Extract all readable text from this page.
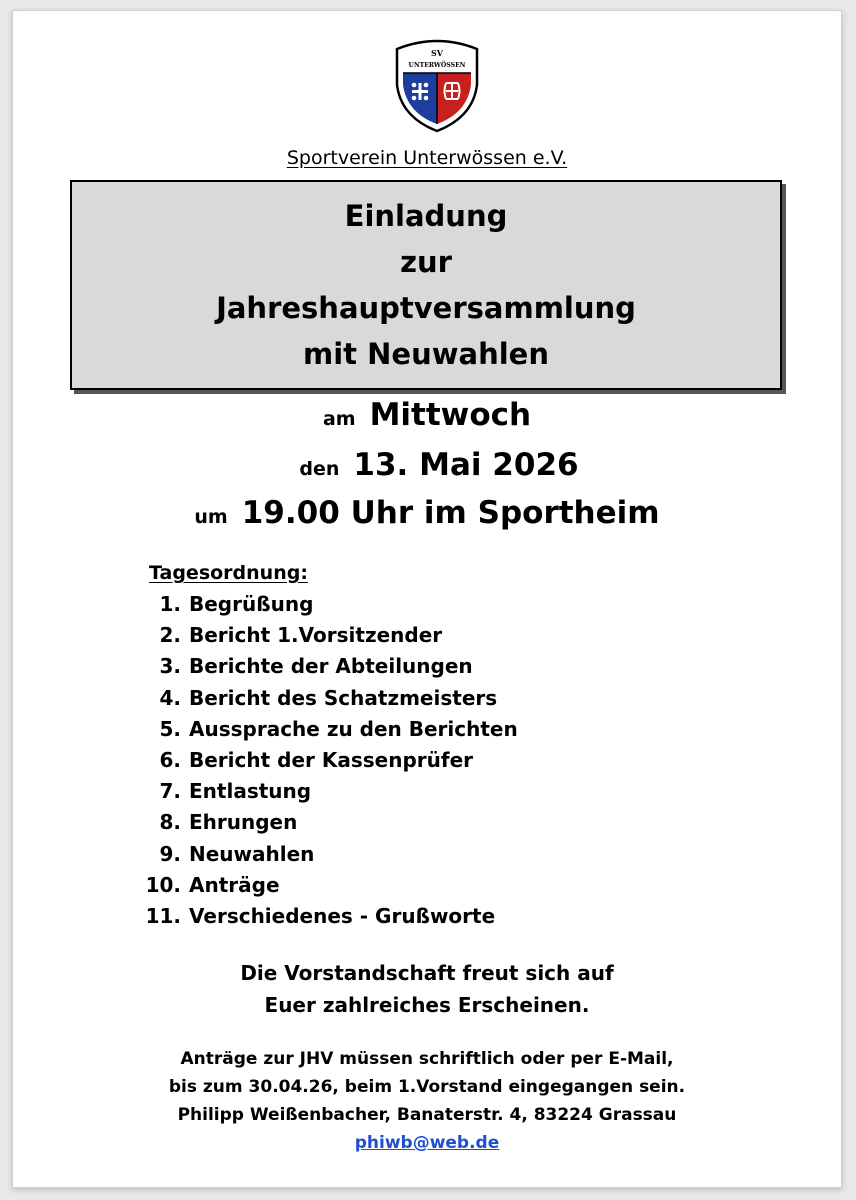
SV
UNTERWÖSSEN
Sportverein Unterwössen e.V.
Einladung
zur
Jahreshauptversammlung
mit Neuwahlen
am Mittwoch
den 13. Mai 2026
um 19.00 Uhr im Sportheim
Tagesordnung:
1. Begrüßung
2. Bericht 1.Vorsitzender
3. Berichte der Abteilungen
4. Bericht des Schatzmeisters
5. Aussprache zu den Berichten
6. Bericht der Kassenprüfer
7. Entlastung
8. Ehrungen
9. Neuwahlen
10. Anträge
11. Verschiedenes - Grußworte
Die Vorstandschaft freut sich auf
Euer zahlreiches Erscheinen.
Anträge zur JHV müssen schriftlich oder per E-Mail,
bis zum 30.04.26, beim 1.Vorstand eingegangen sein.
Philipp Weißenbacher, Banaterstr. 4, 83224 Grassau
phiwb@web.de
